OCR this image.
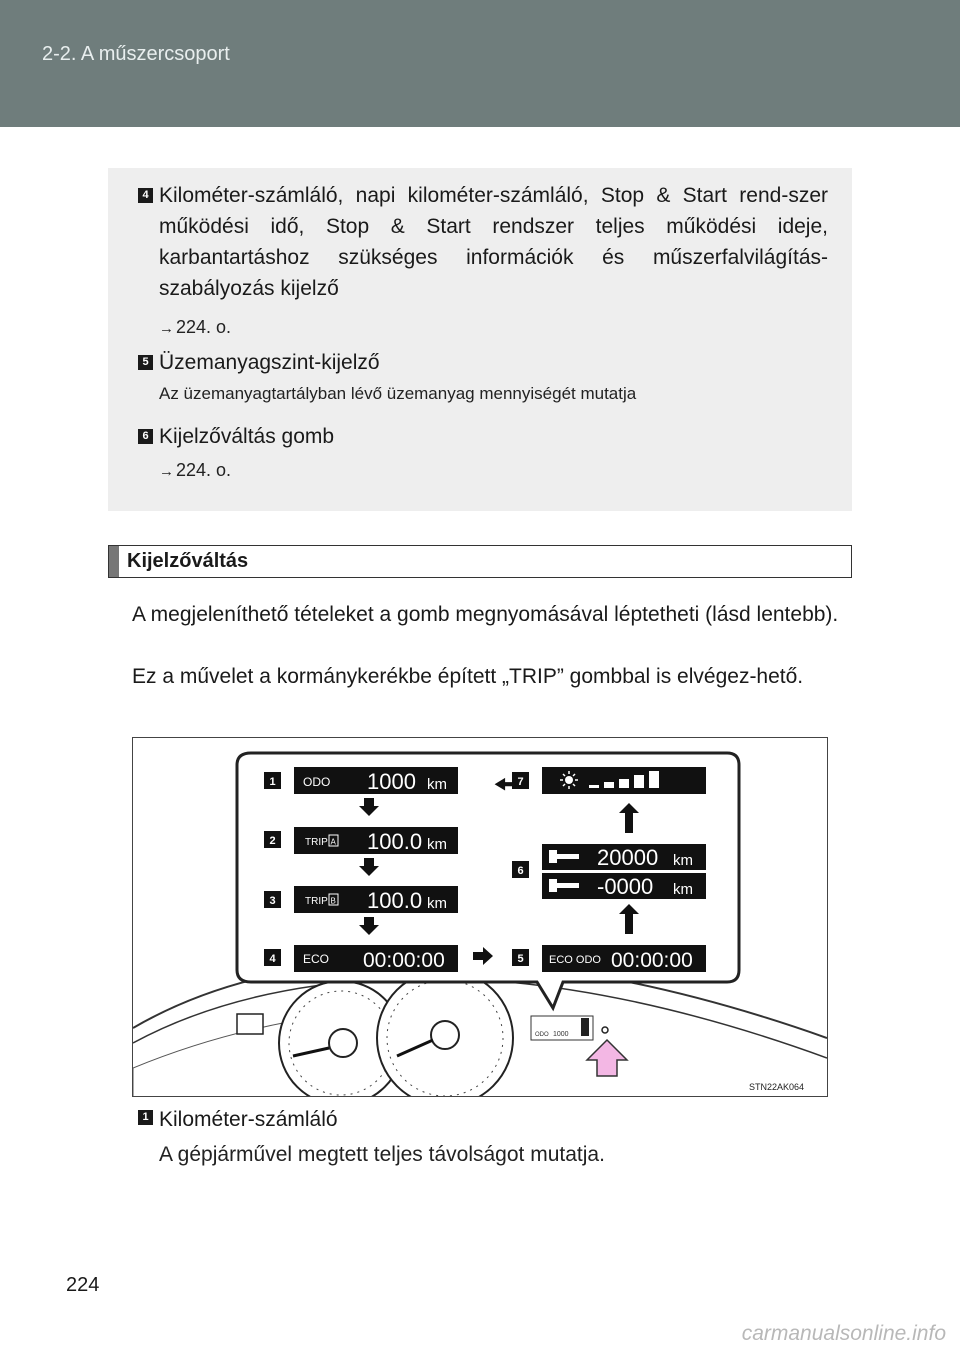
2-2. A műszercsoport
4 Kilométer-számláló, napi kilométer-számláló, Stop & Start rend-szer működési idő, Stop & Start rendszer teljes működési ideje, karbantartáshoz szükséges információk és műszerfalvilágítás-szabályozás kijelző
→ 224. o.
5 Üzemanyagszint-kijelző
Az üzemanyagtartályban lévő üzemanyag mennyiségét mutatja
6 Kijelzőváltás gomb
→ 224. o.
Kijelzőváltás
A megjeleníthető tételeket a gomb megnyomásával léptetheti (lásd lentebb).
Ez a művelet a kormánykerékbe épített „TRIP” gombbal is elvégez-hető.
ODO 1000
STN22AK064
1
2
3
4	5
6
7
ODO 1000 km
TRIP A 100.0 km
TRIP B 100.0 km
ECO 00:00:00
20000 km
-0000 km
ECO ODO 00:00:00
1 Kilométer-számláló
A gépjárművel megtett teljes távolságot mutatja.
224
carmanualsonline.info
